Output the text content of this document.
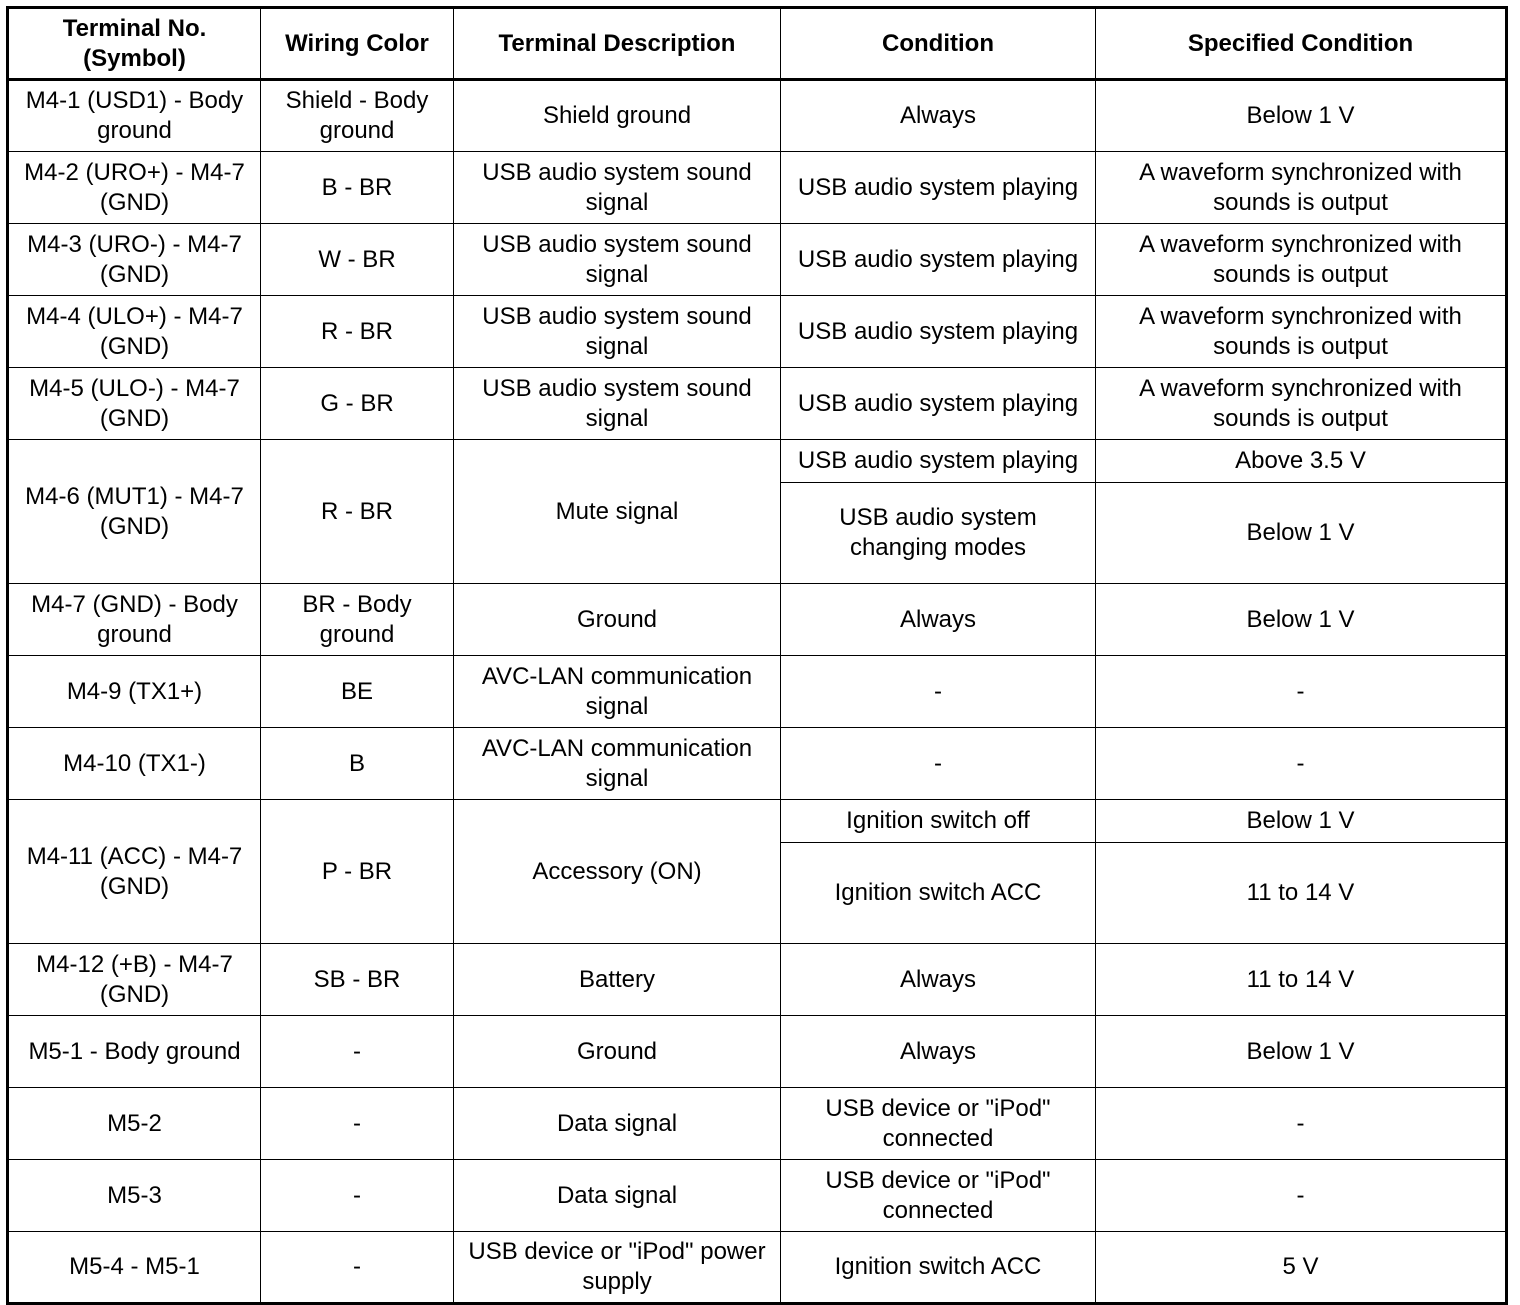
Terminal No.
(Symbol)	Wiring Color	Terminal Description	Condition	Specified Condition
M4-1 (USD1) - Body ground	Shield - Body ground	Shield ground	Always	Below 1 V
M4-2 (URO+) - M4-7 (GND)	B - BR	USB audio system sound signal	USB audio system playing	A waveform synchronized with sounds is output
M4-3 (URO-) - M4-7 (GND)	W - BR	USB audio system sound signal	USB audio system playing	A waveform synchronized with sounds is output
M4-4 (ULO+) - M4-7 (GND)	R - BR	USB audio system sound signal	USB audio system playing	A waveform synchronized with sounds is output
M4-5 (ULO-) - M4-7 (GND)	G - BR	USB audio system sound signal	USB audio system playing	A waveform synchronized with sounds is output
M4-6 (MUT1) - M4-7 (GND)	R - BR	Mute signal	USB audio system playing	Above 3.5 V
			USB audio system changing modes	Below 1 V
M4-7 (GND) - Body ground	BR - Body ground	Ground	Always	Below 1 V
M4-9 (TX1+)	BE	AVC-LAN communication signal	-	-
M4-10 (TX1-)	B	AVC-LAN communication signal	-	-
M4-11 (ACC) - M4-7 (GND)	P - BR	Accessory (ON)	Ignition switch off	Below 1 V
			Ignition switch ACC	11 to 14 V
M4-12 (+B) - M4-7 (GND)	SB - BR	Battery	Always	11 to 14 V
M5-1 - Body ground	-	Ground	Always	Below 1 V
M5-2	-	Data signal	USB device or "iPod" connected	-
M5-3	-	Data signal	USB device or "iPod" connected	-
M5-4 - M5-1	-	USB device or "iPod" power supply	Ignition switch ACC	5 V
